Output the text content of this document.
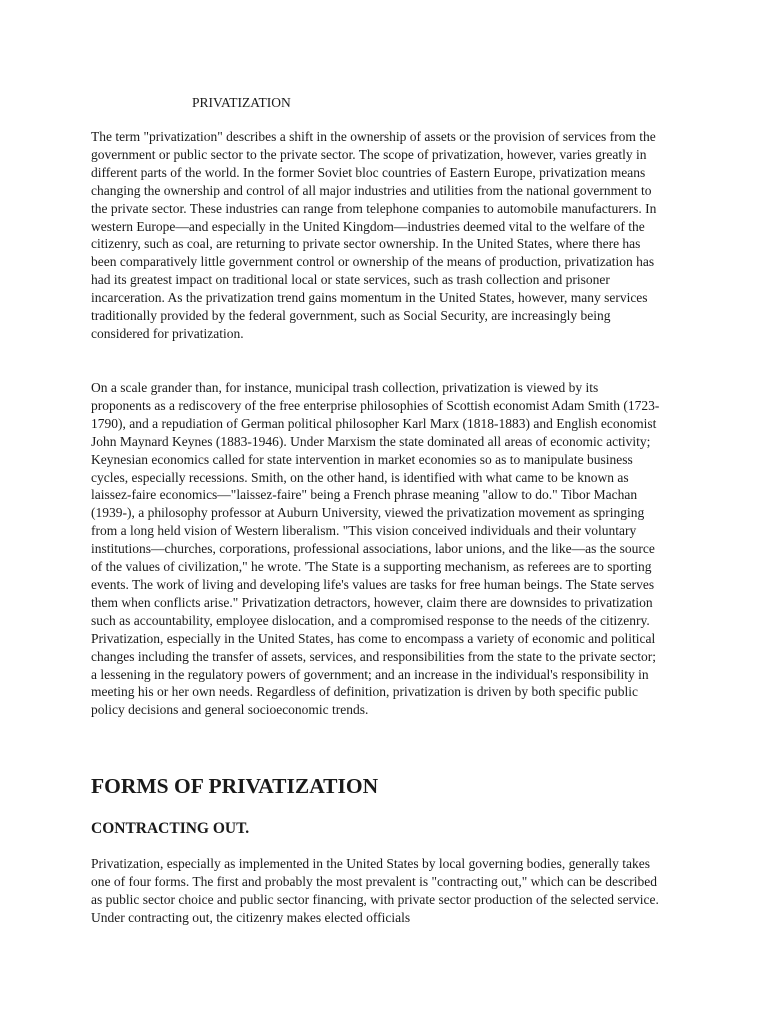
PRIVATIZATION

The term "privatization" describes a shift in the ownership of assets or the provision of services from the government or public sector to the private sector. The scope of privatization, however, varies greatly in different parts of the world. In the former Soviet bloc countries of Eastern Europe, privatization means changing the ownership and control of all major industries and utilities from the national government to the private sector. These industries can range from telephone companies to automobile manufacturers. In western Europe—and especially in the United Kingdom—industries deemed vital to the welfare of the citizenry, such as coal, are returning to private sector ownership. In the United States, where there has been comparatively little government control or ownership of the means of production, privatization has had its greatest impact on traditional local or state services, such as trash collection and prisoner incarceration. As the privatization trend gains momentum in the United States, however, many services traditionally provided by the federal government, such as Social Security, are increasingly being considered for privatization.

On a scale grander than, for instance, municipal trash collection, privatization is viewed by its proponents as a rediscovery of the free enterprise philosophies of Scottish economist Adam Smith (1723-1790), and a repudiation of German political philosopher Karl Marx (1818-1883) and English economist John Maynard Keynes (1883-1946). Under Marxism the state dominated all areas of economic activity; Keynesian economics called for state intervention in market economies so as to manipulate business cycles, especially recessions. Smith, on the other hand, is identified with what came to be known as laissez-faire economics—"laissez-faire" being a French phrase meaning "allow to do." Tibor Machan (1939-), a philosophy professor at Auburn University, viewed the privatization movement as springing from a long held vision of Western liberalism. "This vision conceived individuals and their voluntary institutions—churches, corporations, professional associations, labor unions, and the like—as the source of the values of civilization," he wrote. 'The State is a supporting mechanism, as referees are to sporting events. The work of living and developing life's values are tasks for free human beings. The State serves them when conflicts arise." Privatization detractors, however, claim there are downsides to privatization such as accountability, employee dislocation, and a compromised response to the needs of the citizenry. Privatization, especially in the United States, has come to encompass a variety of economic and political changes including the transfer of assets, services, and responsibilities from the state to the private sector; a lessening in the regulatory powers of government; and an increase in the individual's responsibility in meeting his or her own needs. Regardless of definition, privatization is driven by both specific public policy decisions and general socioeconomic trends.

FORMS OF PRIVATIZATION
CONTRACTING OUT.

Privatization, especially as implemented in the United States by local governing bodies, generally takes one of four forms. The first and probably the most prevalent is "contracting out," which can be described as public sector choice and public sector financing, with private sector production of the selected service. Under contracting out, the citizenry makes elected officials
